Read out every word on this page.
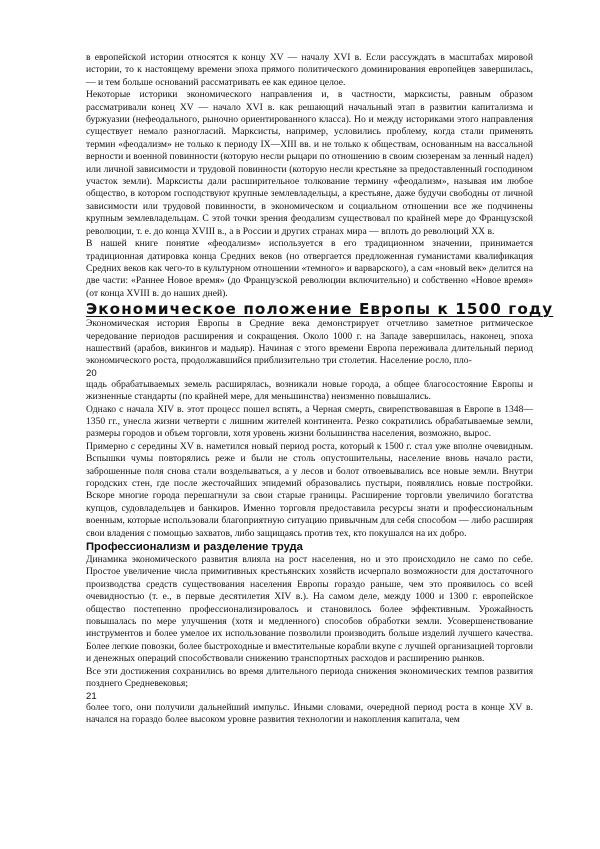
в европейской истории относятся к концу XV — началу XVI в. Если рассуждать в масштабах мировой истории, то к настоящему времени эпоха прямого политического доминирования европейцев завершилась, — и тем больше оснований рассматривать ее как единое целое.

Некоторые историки экономического направления и, в частности, марксисты, равным образом рассматривали конец XV — начало XVI в. как решающий начальный этап в развитии капитализма и буржуазии (нефеодального, рыночно ориентированного класса). Но и между историками этого направления существует немало разногласий. Марксисты, например, условились проблему, когда стали применять термин «феодализм» не только к периоду IX—XIII вв. и не только к обществам, основанным на вассальной верности и военной повинности (которую несли рыцари по отношению в своим сюзеренам за ленный надел) или личной зависимости и трудовой повинности (которую несли крестьяне за предоставленный господином участок земли). Марксисты дали расширительное толкование термину «феодализм», называя им любое общество, в котором господствуют крупные землевладельцы, а крестьяне, даже будучи свободны от личной зависимости или трудовой повинности, в экономическом и социальном отношении все же подчинены крупным землевладельцам. С этой точки зрения феодализм существовал по крайней мере до Французской революции, т. е. до конца XVIII в., а в России и других странах мира — вплоть до революций XX в.

В нашей книге понятие «феодализм» используется в его традиционном значении, принимается традиционная датировка конца Средних веков (но отвергается предложенная гуманистами квалификация Средних веков как чего-то в культурном отношении «темного» и варварского), а сам «новый век» делится на две части: «Раннее Новое время» (до Французской революции включительно) и собственно «Новое время» (от конца XVIII в. до наших дней).

Экономическое положение Европы к 1500 году

Экономическая история Европы в Средние века демонстрирует отчетливо заметное ритмическое чередование периодов расширения и сокращения. Около 1000 г. на Западе завершилась, наконец, эпоха нашествий (арабов, викингов и мадьяр). Начиная с этого времени Европа переживала длительный период экономического роста, продолжавшийся приблизительно три столетия. Население росло, пло-

20

щадь обрабатываемых земель расширялась, возникали новые города, а общее благосостояние Европы и жизненные стандарты (по крайней мере, для меньшинства) неизменно повышались.

Однако с начала XIV в. этот процесс пошел вспять, а Черная смерть, свирепствовавшая в Европе в 1348—1350 гг., унесла жизни четверти с лишним жителей континента. Резко сократились обрабатываемые земли, размеры городов и объем торговли, хотя уровень жизни большинства населения, возможно, вырос.

Примерно с середины XV в. наметился новый период роста, который к 1500 г. стал уже вполне очевидным. Вспышки чумы повторялись реже и были не столь опустошительны, население вновь начало расти, заброшенные поля снова стали возделываться, а у лесов и болот отвоевывались все новые земли. Внутри городских стен, где после жесточайших эпидемий образовались пустыри, появлялись новые постройки. Вскоре многие города перешагнули за свои старые границы. Расширение торговли увеличило богатства купцов, судовладельцев и банкиров. Именно торговля предоставила ресурсы знати и профессиональным военным, которые использовали благоприятную ситуацию привычным для себя способом — либо расширяя свои владения с помощью захватов, либо защищаясь против тех, кто покушался на их добро.

Профессионализм и разделение труда

Динамика экономического развития влияла на рост населения, но и это происходило не само по себе. Простое увеличение числа примитивных крестьянских хозяйств исчерпало возможности для достаточного производства средств существования населения Европы гораздо раньше, чем это проявилось со всей очевидностью (т. е., в первые десятилетия XIV в.). На самом деле, между 1000 и 1300 г. европейское общество постепенно профессионализировалось и становилось более эффективным. Урожайность повышалась по мере улучшения (хотя и медленного) способов обработки земли. Усовершенствование инструментов и более умелое их использование позволили производить больше изделий лучшего качества. Более легкие повозки, более быстроходные и вместительные корабли вкупе с лучшей организацией торговли и денежных операций способствовали снижению транспортных расходов и расширению рынков.

Все эти достижения сохранились во время длительного периода снижения экономических темпов развития позднего Средневековья;

21

более того, они получили дальнейший импульс. Иными словами, очередной период роста в конце XV в. начался на гораздо более высоком уровне развития технологии и накопления капитала, чем
